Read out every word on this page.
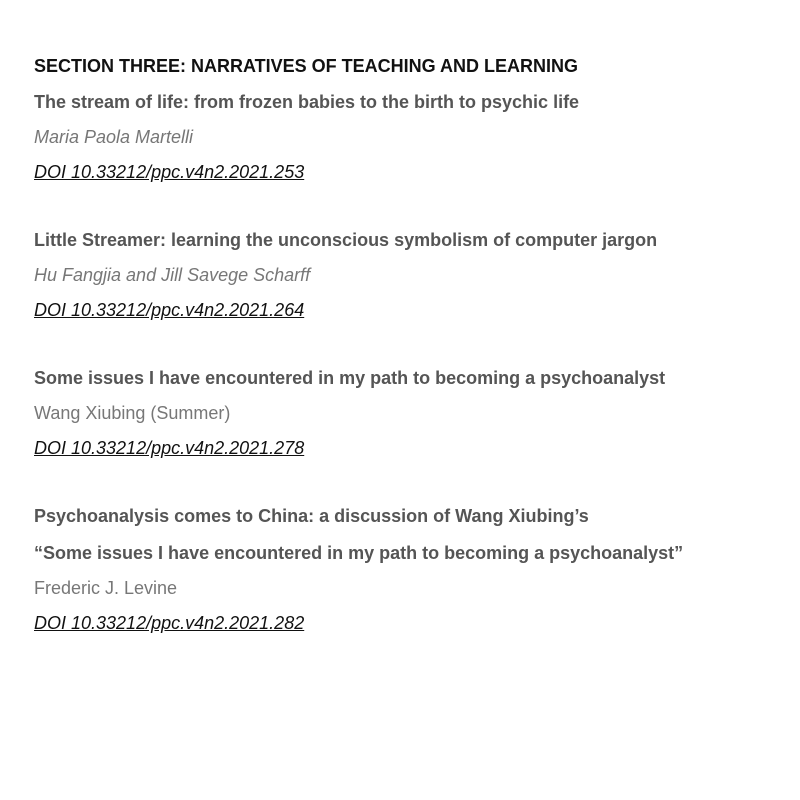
SECTION THREE: NARRATIVES OF TEACHING AND LEARNING
The stream of life: from frozen babies to the birth to psychic life
Maria Paola Martelli
DOI 10.33212/ppc.v4n2.2021.253
Little Streamer: learning the unconscious symbolism of computer jargon
Hu Fangjia and Jill Savege Scharff
DOI 10.33212/ppc.v4n2.2021.264
Some issues I have encountered in my path to becoming a psychoanalyst
Wang Xiubing (Summer)
DOI 10.33212/ppc.v4n2.2021.278
Psychoanalysis comes to China: a discussion of Wang Xiubing’s
“Some issues I have encountered in my path to becoming a psychoanalyst”
Frederic J. Levine
DOI 10.33212/ppc.v4n2.2021.282
